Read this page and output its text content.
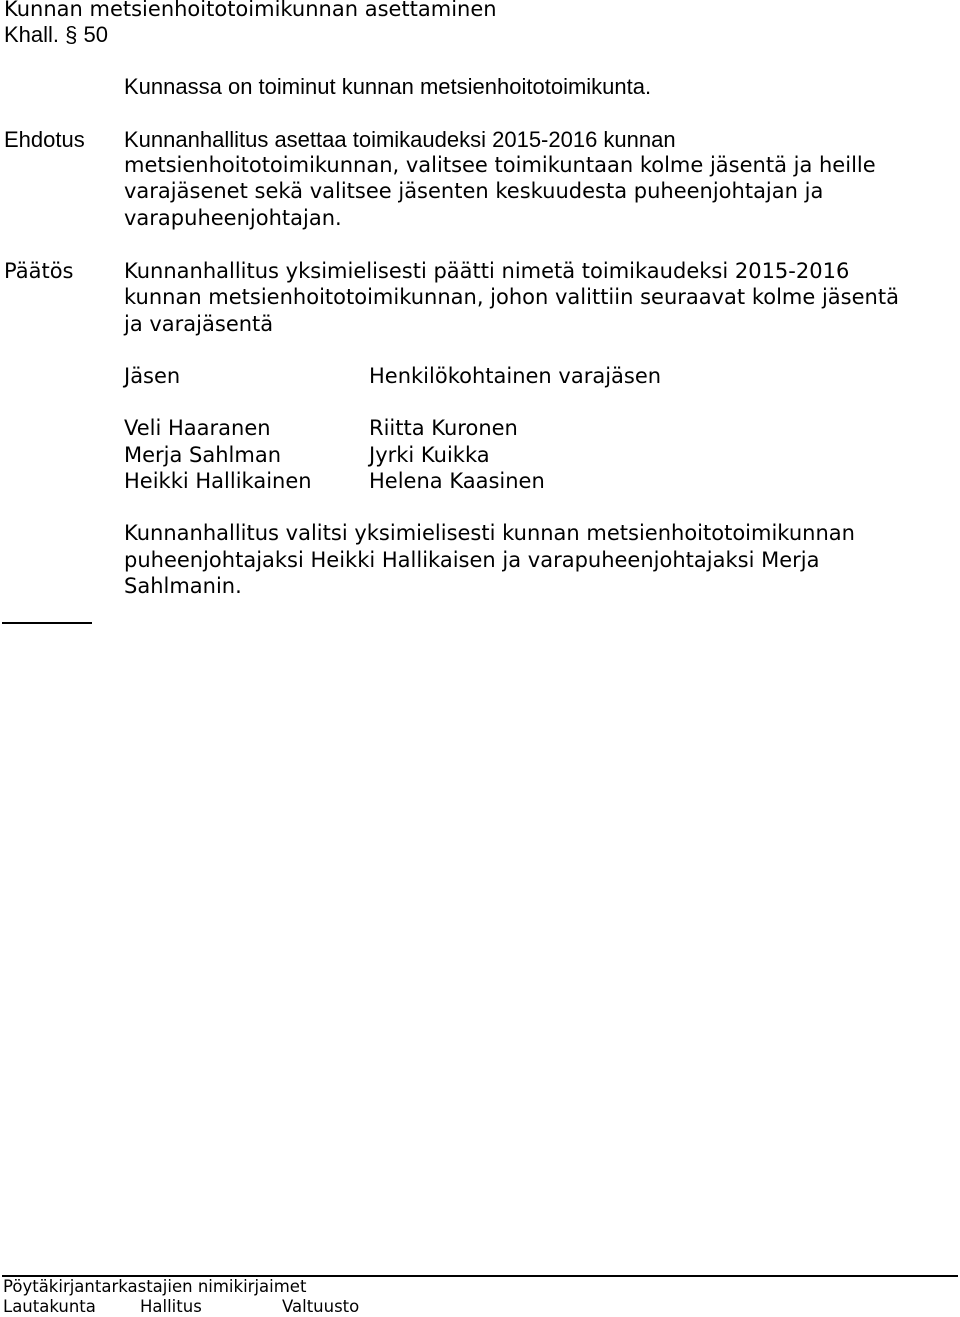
Kunnan metsienhoitotoimikunnan asettaminen
Khall. § 50
Kunnassa on toiminut kunnan metsienhoitotoimikunta.
Ehdotus Kunnanhallitus asettaa toimikaudeksi 2015-2016 kunnan
metsienhoitotoimikunnan, valitsee toimikuntaan kolme jäsentä ja heille
varajäsenet sekä valitsee jäsenten keskuudesta puheenjohtajan ja
varapuheenjohtajan.
Päätös Kunnanhallitus yksimielisesti päätti nimetä toimikaudeksi 2015-2016
kunnan metsienhoitotoimikunnan, johon valittiin seuraavat kolme jäsentä
ja varajäsentä
Jäsen	Henkilökohtainen varajäsen
Veli Haaranen	Riitta Kuronen
Merja Sahlman	Jyrki Kuikka
Heikki Hallikainen	Helena Kaasinen
Kunnanhallitus valitsi yksimielisesti kunnan metsienhoitotoimikunnan
puheenjohtajaksi Heikki Hallikaisen ja varapuheenjohtajaksi Merja
Sahlmanin.
Pöytäkirjantarkastajien nimikirjaimet
Lautakunta	Hallitus	Valtuusto
